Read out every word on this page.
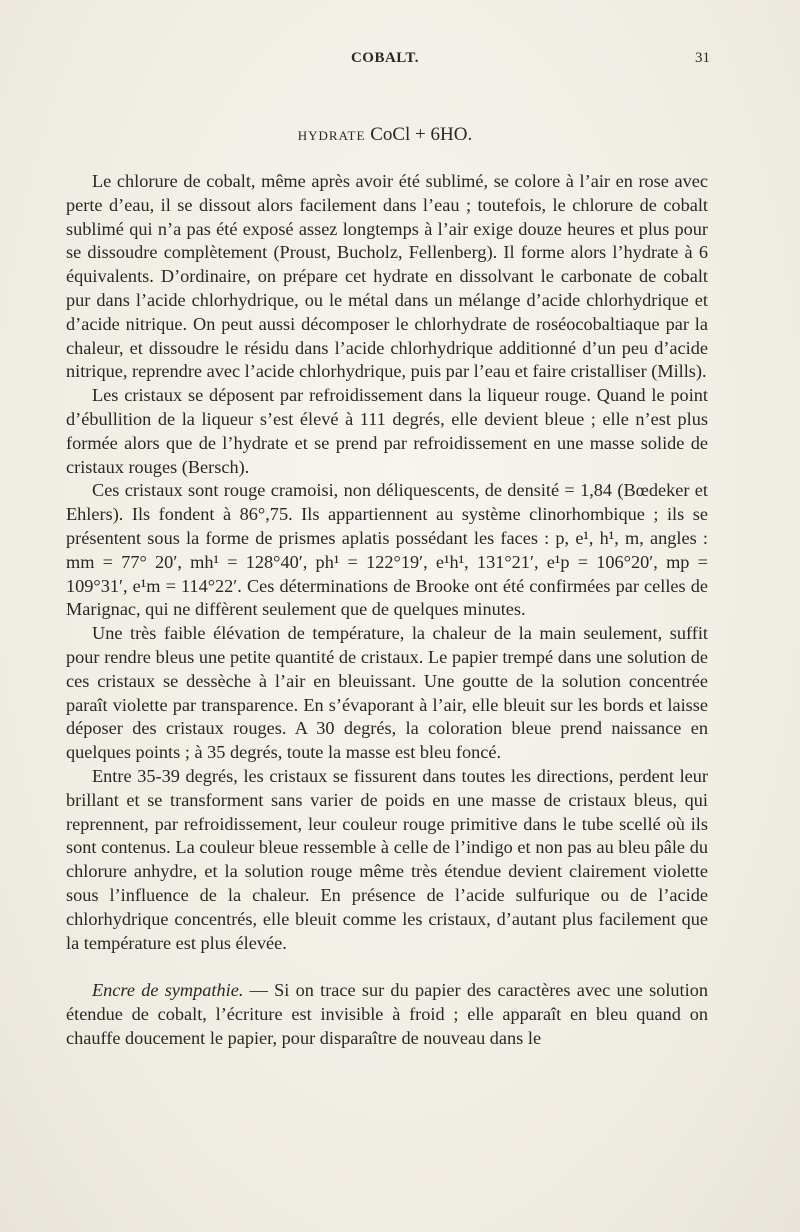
COBALT.	31
HYDRATE CoCl + 6HO.

Le chlorure de cobalt, même après avoir été sublimé, se colore à l’air en rose avec perte d’eau, il se dissout alors facilement dans l’eau ; toutefois, le chlorure de cobalt sublimé qui n’a pas été exposé assez longtemps à l’air exige douze heures et plus pour se dissoudre complètement (Proust, Bucholz, Fellenberg). Il forme alors l’hydrate à 6 équivalents. D’ordinaire, on prépare cet hydrate en dissolvant le carbonate de cobalt pur dans l’acide chlorhydrique, ou le métal dans un mélange d’acide chlorhydrique et d’acide nitrique. On peut aussi décomposer le chlorhydrate de roséocobaltiaque par la chaleur, et dissoudre le résidu dans l’acide chlorhydrique additionné d’un peu d’acide nitrique, reprendre avec l’acide chlorhydrique, puis par l’eau et faire cristalliser (Mills).

Les cristaux se déposent par refroidissement dans la liqueur rouge. Quand le point d’ébullition de la liqueur s’est élevé à 111 degrés, elle devient bleue ; elle n’est plus formée alors que de l’hydrate et se prend par refroidissement en une masse solide de cristaux rouges (Bersch).

Ces cristaux sont rouge cramoisi, non déliquescents, de densité = 1,84 (Bœdeker et Ehlers). Ils fondent à 86°,75. Ils appartiennent au système clinorhombique ; ils se présentent sous la forme de prismes aplatis possédant les faces : p, e¹, h¹, m, angles : mm = 77° 20′, mh¹ = 128°40′, ph¹ = 122°19′, e¹h¹, 131°21′, e¹p = 106°20′, mp = 109°31′, e¹m = 114°22′. Ces déterminations de Brooke ont été confirmées par celles de Marignac, qui ne diffèrent seulement que de quelques minutes.

Une très faible élévation de température, la chaleur de la main seulement, suffit pour rendre bleus une petite quantité de cristaux. Le papier trempé dans une solution de ces cristaux se dessèche à l’air en bleuissant. Une goutte de la solution concentrée paraît violette par transparence. En s’évaporant à l’air, elle bleuit sur les bords et laisse déposer des cristaux rouges. A 30 degrés, la coloration bleue prend naissance en quelques points ; à 35 degrés, toute la masse est bleu foncé.

Entre 35-39 degrés, les cristaux se fissurent dans toutes les directions, perdent leur brillant et se transforment sans varier de poids en une masse de cristaux bleus, qui reprennent, par refroidissement, leur couleur rouge primitive dans le tube scellé où ils sont contenus. La couleur bleue ressemble à celle de l’indigo et non pas au bleu pâle du chlorure anhydre, et la solution rouge même très étendue devient clairement violette sous l’influence de la chaleur. En présence de l’acide sulfurique ou de l’acide chlorhydrique concentrés, elle bleuit comme les cristaux, d’autant plus facilement que la température est plus élevée.

Encre de sympathie. — Si on trace sur du papier des caractères avec une solution étendue de cobalt, l’écriture est invisible à froid ; elle apparaît en bleu quand on chauffe doucement le papier, pour disparaître de nouveau dans le
